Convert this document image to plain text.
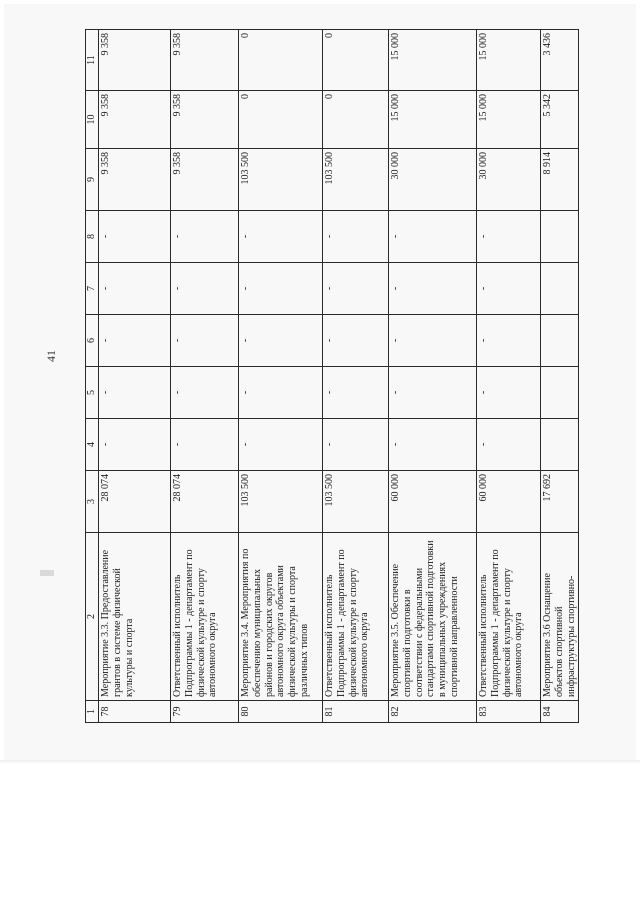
41
1	2	3	4	5	6	7	8	9	10	11
78	Мероприятие 3.3. Предоставление грантов в системе физической культуры и спорта	28 074	-	-	-	-	-	9 358	9 358	9 358
79	Ответственный исполнитель Подпрограммы 1 - департамент по физической культуре и спорту автономного округа	28 074	-	-	-	-	-	9 358	9 358	9 358
80	Мероприятие 3.4. Мероприятия по обеспечению муниципальных районов и городских округов автономного округа объектами физической культуры и спорта различных типов	103 500	-	-	-	-	-	103 500	0	0
81	Ответственный исполнитель Подпрограммы 1 - департамент по физической культуре и спорту автономного округа	103 500	-	-	-	-	-	103 500	0	0
82	Мероприятие 3.5. Обеспечение спортивной подготовки в соответствии с федеральными стандартами спортивной подготовки в муниципальных учреждениях спортивной направленности	60 000	-	-	-	-	-	30 000	15 000	15 000
83	Ответственный исполнитель Подпрограммы 1 - департамент по физической культуре и спорту автономного округа	60 000	-	-	-	-	-	30 000	15 000	15 000
84	Мероприятие 3.6 Оснащение объектов спортивной инфраструктуры спортивно-	17 692						8 914	5 342	3 436
